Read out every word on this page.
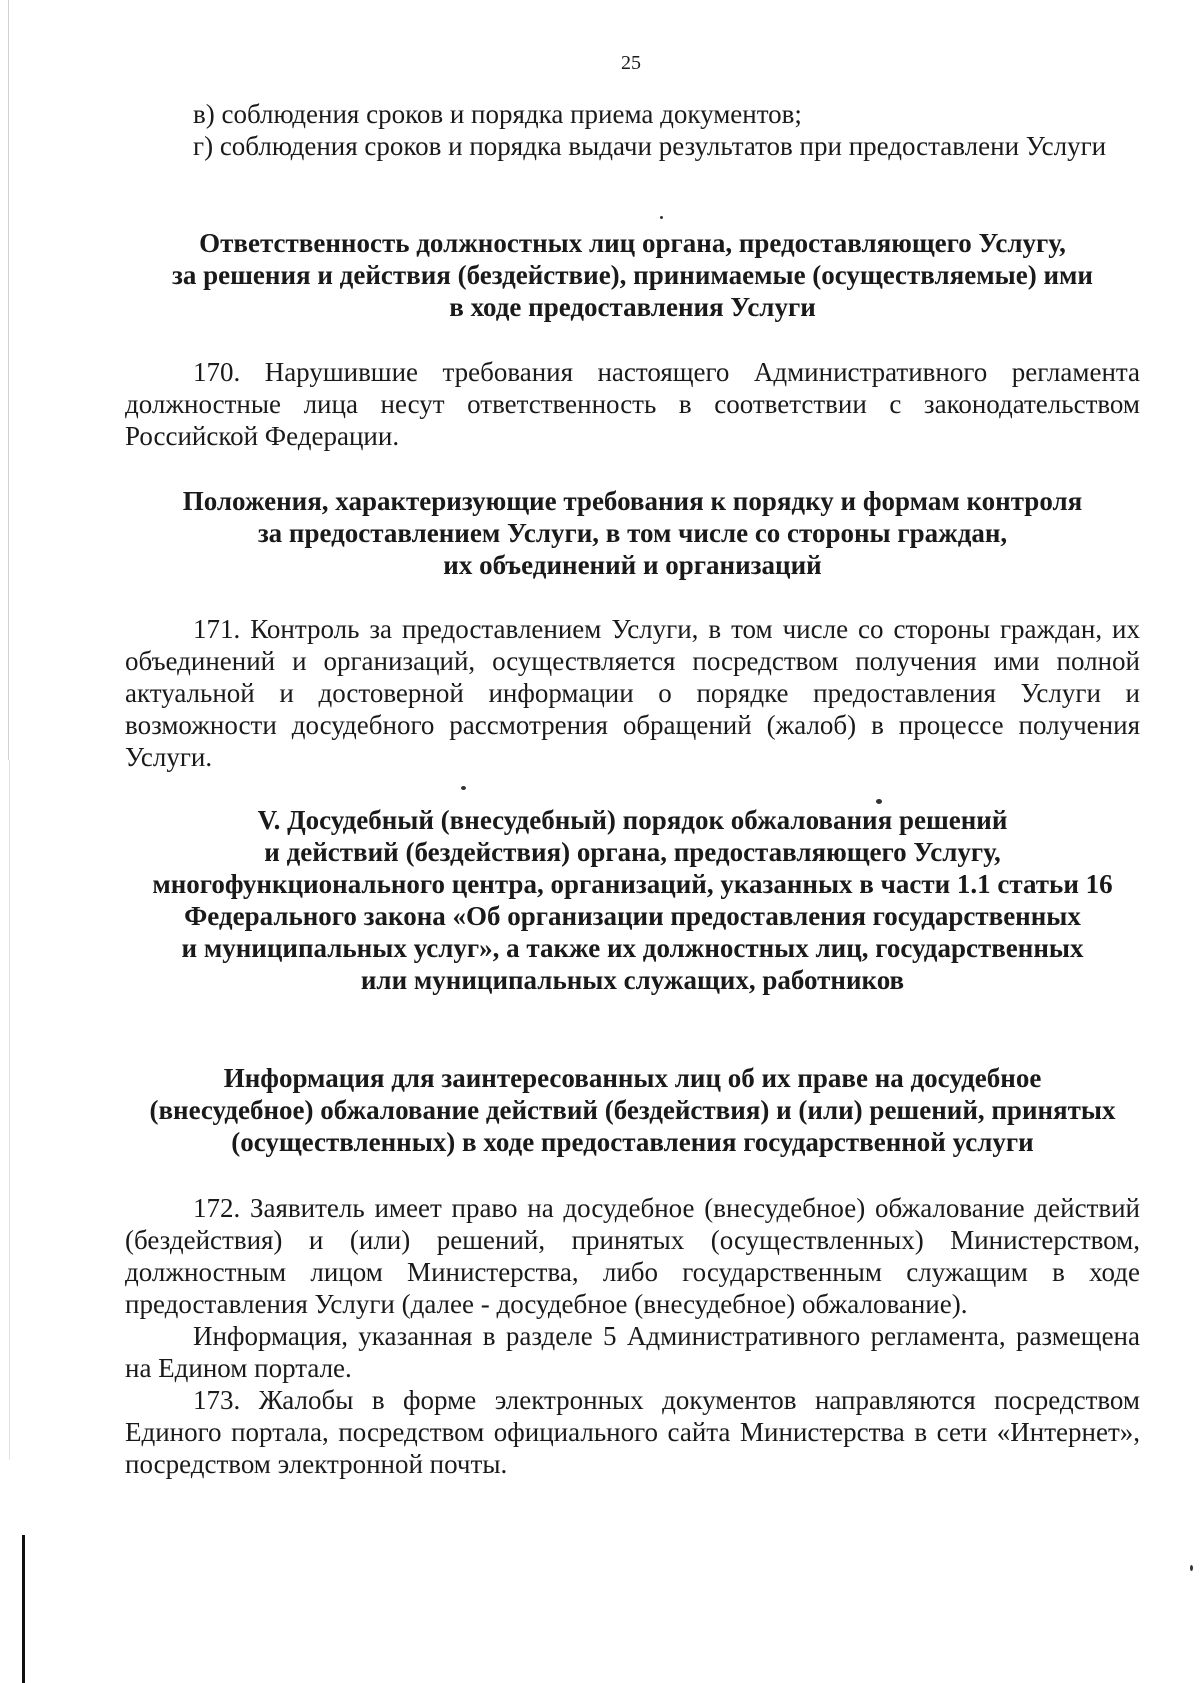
25

в) соблюдения сроков и порядка приема документов;

г) соблюдения сроков и порядка выдачи результатов при предоставлени Услуги

Ответственность должностных лиц органа, предоставляющего Услугу,
за решения и действия (бездействие), принимаемые (осуществляемые) ими
в ходе предоставления Услуги

170. Нарушившие требования настоящего Административного регламента должностные лица несут ответственность в соответствии с законодательством Российской Федерации.

Положения, характеризующие требования к порядку и формам контроля
за предоставлением Услуги, в том числе со стороны граждан,
их объединений и организаций

171. Контроль за предоставлением Услуги, в том числе со стороны граждан, их объединений и организаций, осуществляется посредством получения ими полной актуальной и достоверной информации о порядке предоставления Услуги и возможности досудебного рассмотрения обращений (жалоб) в процессе получения Услуги.

V. Досудебный (внесудебный) порядок обжалования решений
и действий (бездействия) органа, предоставляющего Услугу,
многофункционального центра, организаций, указанных в части 1.1 статьи 16
Федерального закона «Об организации предоставления государственных
и муниципальных услуг», а также их должностных лиц, государственных
или муниципальных служащих, работников
Информация для заинтересованных лиц об их праве на досудебное
(внесудебное) обжалование действий (бездействия) и (или) решений, принятых
(осуществленных) в ходе предоставления государственной услуги

172. Заявитель имеет право на досудебное (внесудебное) обжалование действий (бездействия) и (или) решений, принятых (осуществленных) Министерством, должностным лицом Министерства, либо государственным служащим в ходе предоставления Услуги (далее - досудебное (внесудебное) обжалование).

Информация, указанная в разделе 5 Административного регламента, размещена на Едином портале.

173. Жалобы в форме электронных документов направляются посредством Единого портала, посредством официального сайта Министерства в сети «Интернет», посредством электронной почты.
